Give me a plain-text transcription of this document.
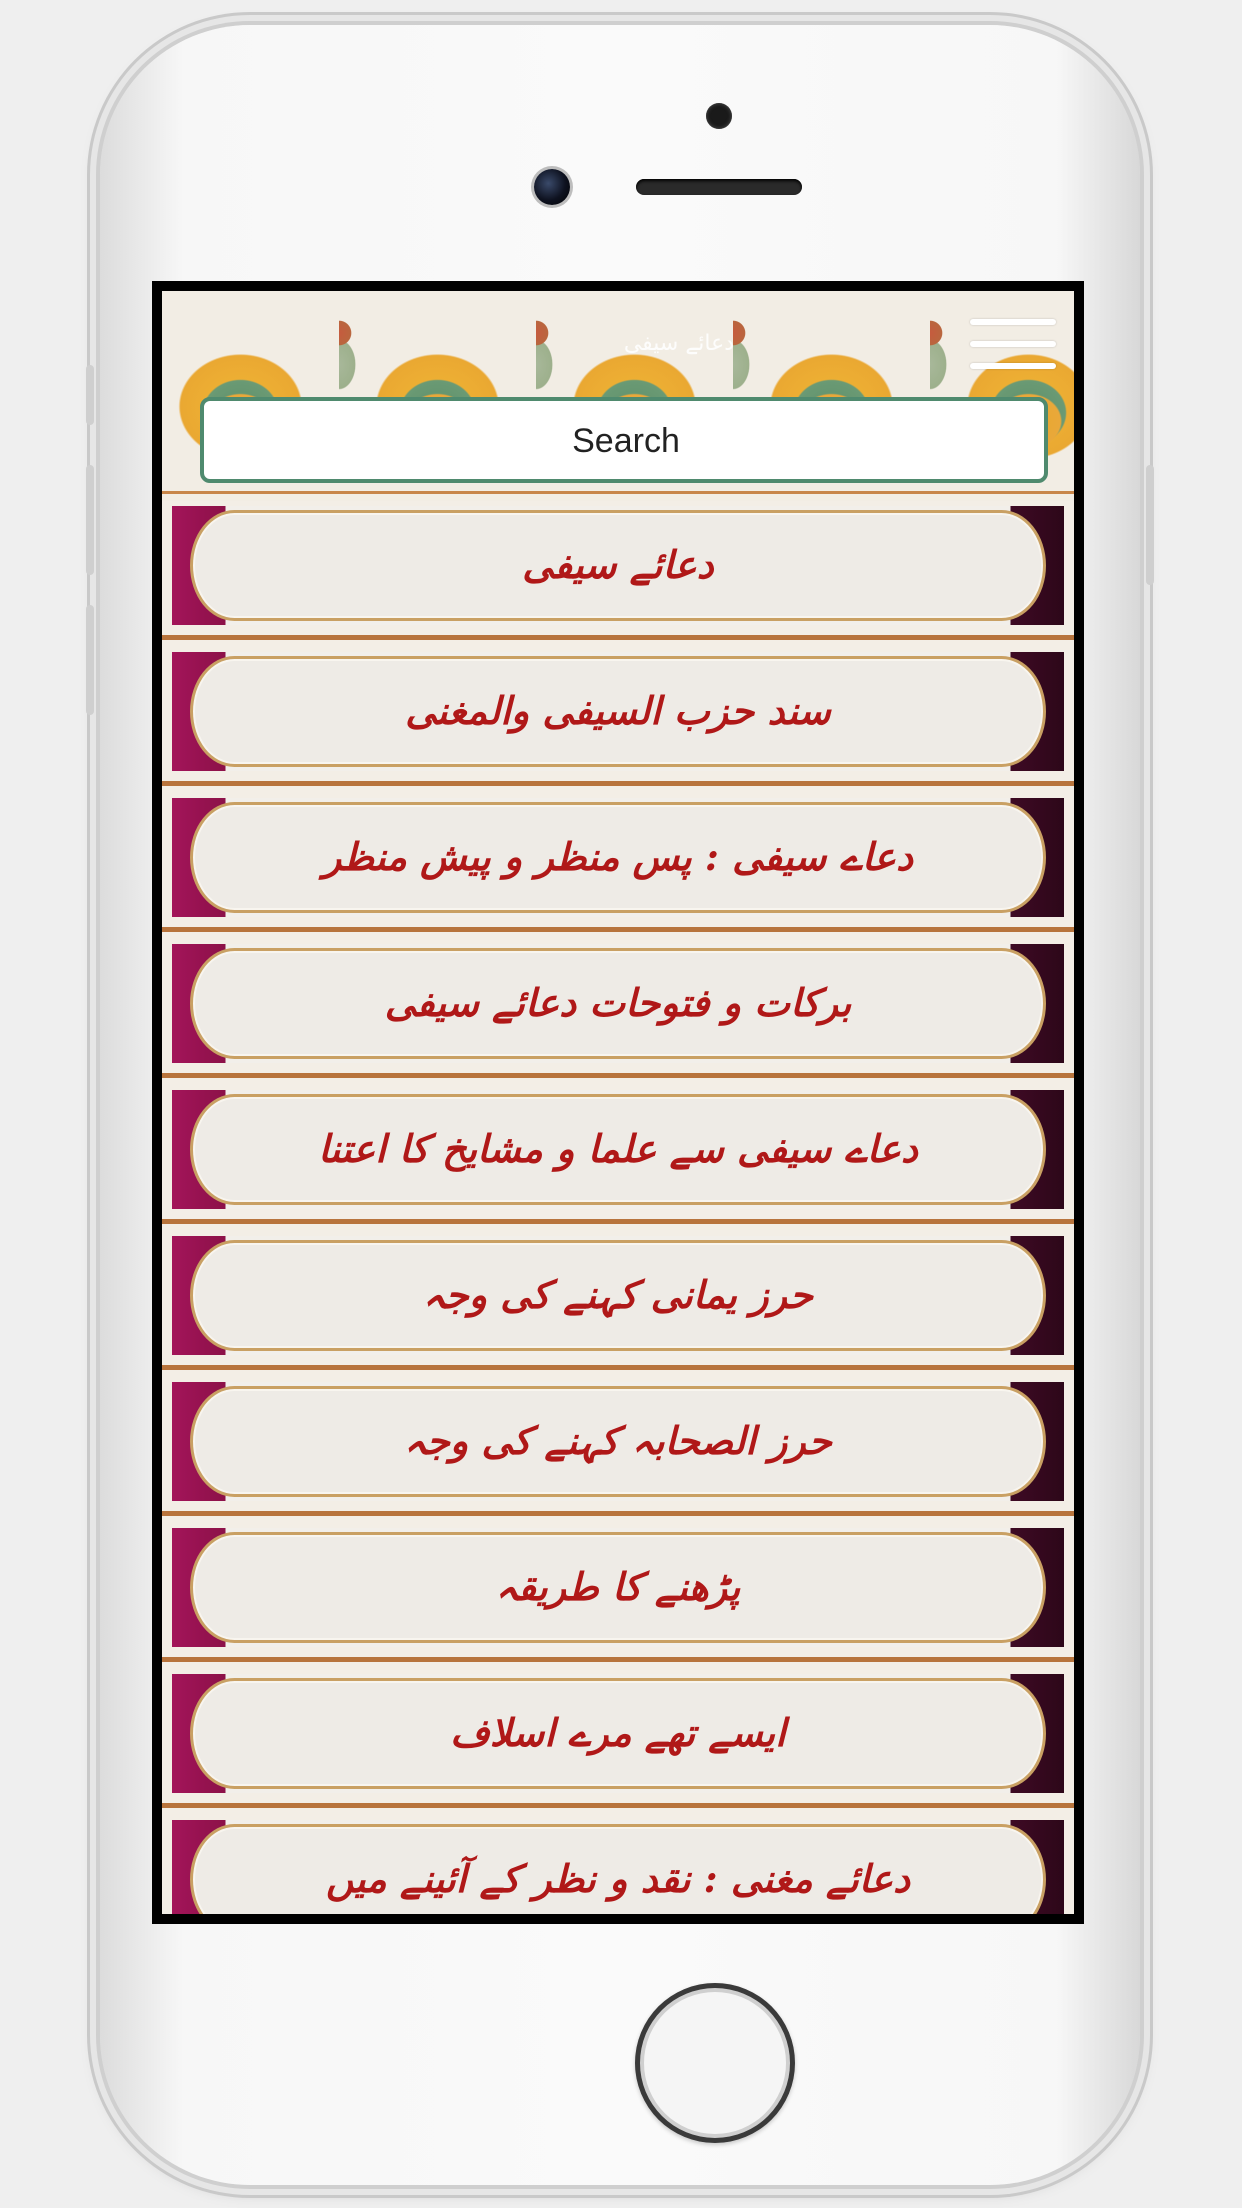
دعائے سیفی
Search
دعائے سیفی
سند حزب السیفی والمغنی
دعاے سیفی : پس منظر و پیش منظر
برکات و فتوحات دعائے سیفی
دعاے سیفی سے علما و مشایخ کا اعتنا
حرز یمانی کہنے کی وجہ
حرز الصحابہ کہنے کی وجہ
پڑھنے کا طریقہ
ایسے تھے مرے اسلاف
دعائے مغنی : نقد و نظر کے آئینے میں
